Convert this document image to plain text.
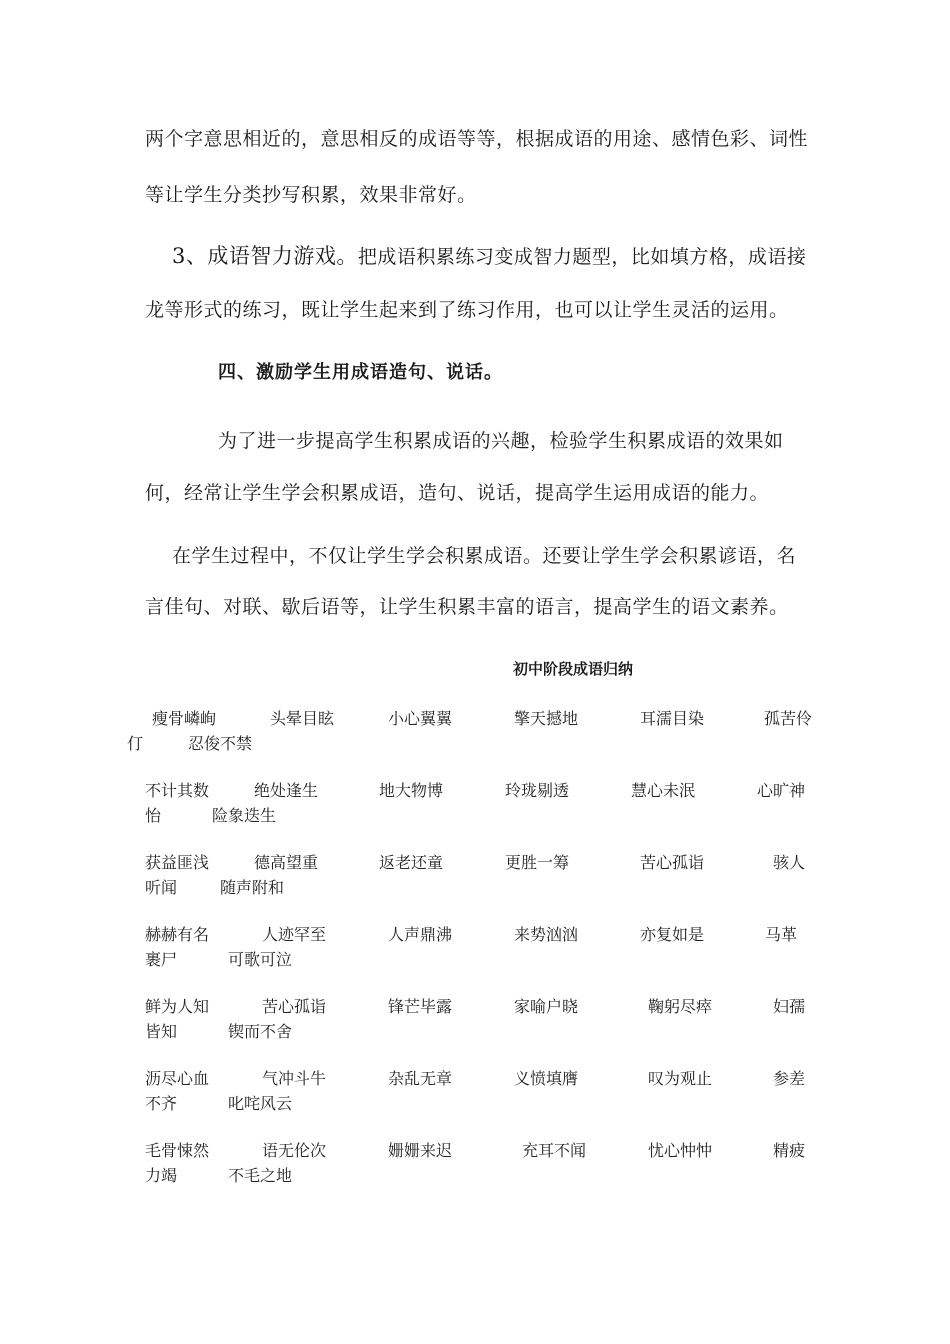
两个字意思相近的，意思相反的成语等等，根据成语的用途、感情色彩、词性
等让学生分类抄写积累，效果非常好。
3、成语智力游戏。把成语积累练习变成智力题型，比如填方格，成语接
龙等形式的练习，既让学生起来到了练习作用，也可以让学生灵活的运用。
四、激励学生用成语造句、说话。
为了进一步提高学生积累成语的兴趣，检验学生积累成语的效果如
何，经常让学生学会积累成语，造句、说话，提高学生运用成语的能力。
在学生过程中，不仅让学生学会积累成语。还要让学生学会积累谚语，名
言佳句、对联、歇后语等，让学生积累丰富的语言，提高学生的语文素养。
初中阶段成语归纳
瘦骨嶙峋	头晕目眩	小心翼翼	擎天撼地	耳濡目染	孤苦伶
仃	忍俊不禁
不计其数	绝处逢生	地大物博	玲珑剔透	慧心未泯	心旷神
怡	险象迭生
获益匪浅	德高望重	返老还童	更胜一筹	苦心孤诣	骇人
听闻	随声附和
赫赫有名	人迹罕至	人声鼎沸	来势汹汹	亦复如是	马革
裹尸	可歌可泣
鲜为人知	苦心孤诣	锋芒毕露	家喻户晓	鞠躬尽瘁	妇孺
皆知	锲而不舍
沥尽心血	气冲斗牛	杂乱无章	义愤填膺	叹为观止	参差
不齐	叱咤风云
毛骨悚然	语无伦次	姗姗来迟	充耳不闻	忧心忡忡	精疲
力竭	不毛之地
